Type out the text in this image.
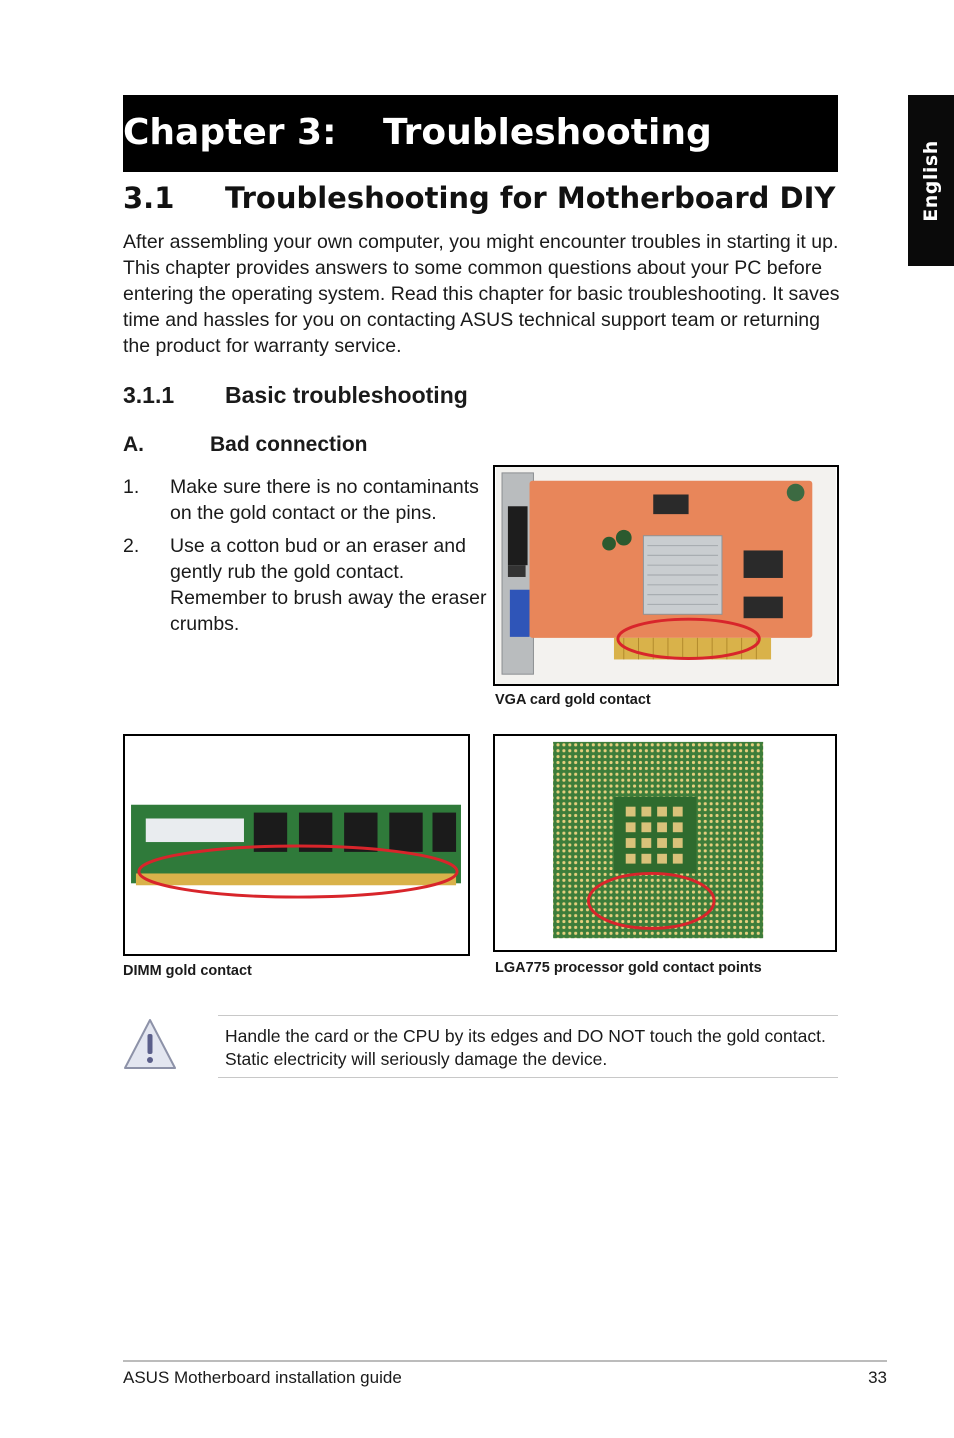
English
Chapter 3: Troubleshooting
3.1 Troubleshooting for Motherboard DIY

After assembling your own computer, you might encounter troubles in starting it up. This chapter provides answers to some common questions about your PC before entering the operating system. Read this chapter for basic troubleshooting. It saves time and hassles for you on contacting ASUS technical support team or returning the product for warranty service.

3.1.1 Basic troubleshooting
A.	Bad connection
1. Make sure there is no contaminants on the gold contact or the pins.
2. Use a cotton bud or an eraser and gently rub the gold contact. Remember to brush away the eraser crumbs.
VGA card gold contact
DIMM gold contact	LGA775 processor gold contact points
Handle the card or the CPU by its edges and DO NOT touch the gold contact. Static electricity will seriously damage the device.
ASUS Motherboard installation guide	33
